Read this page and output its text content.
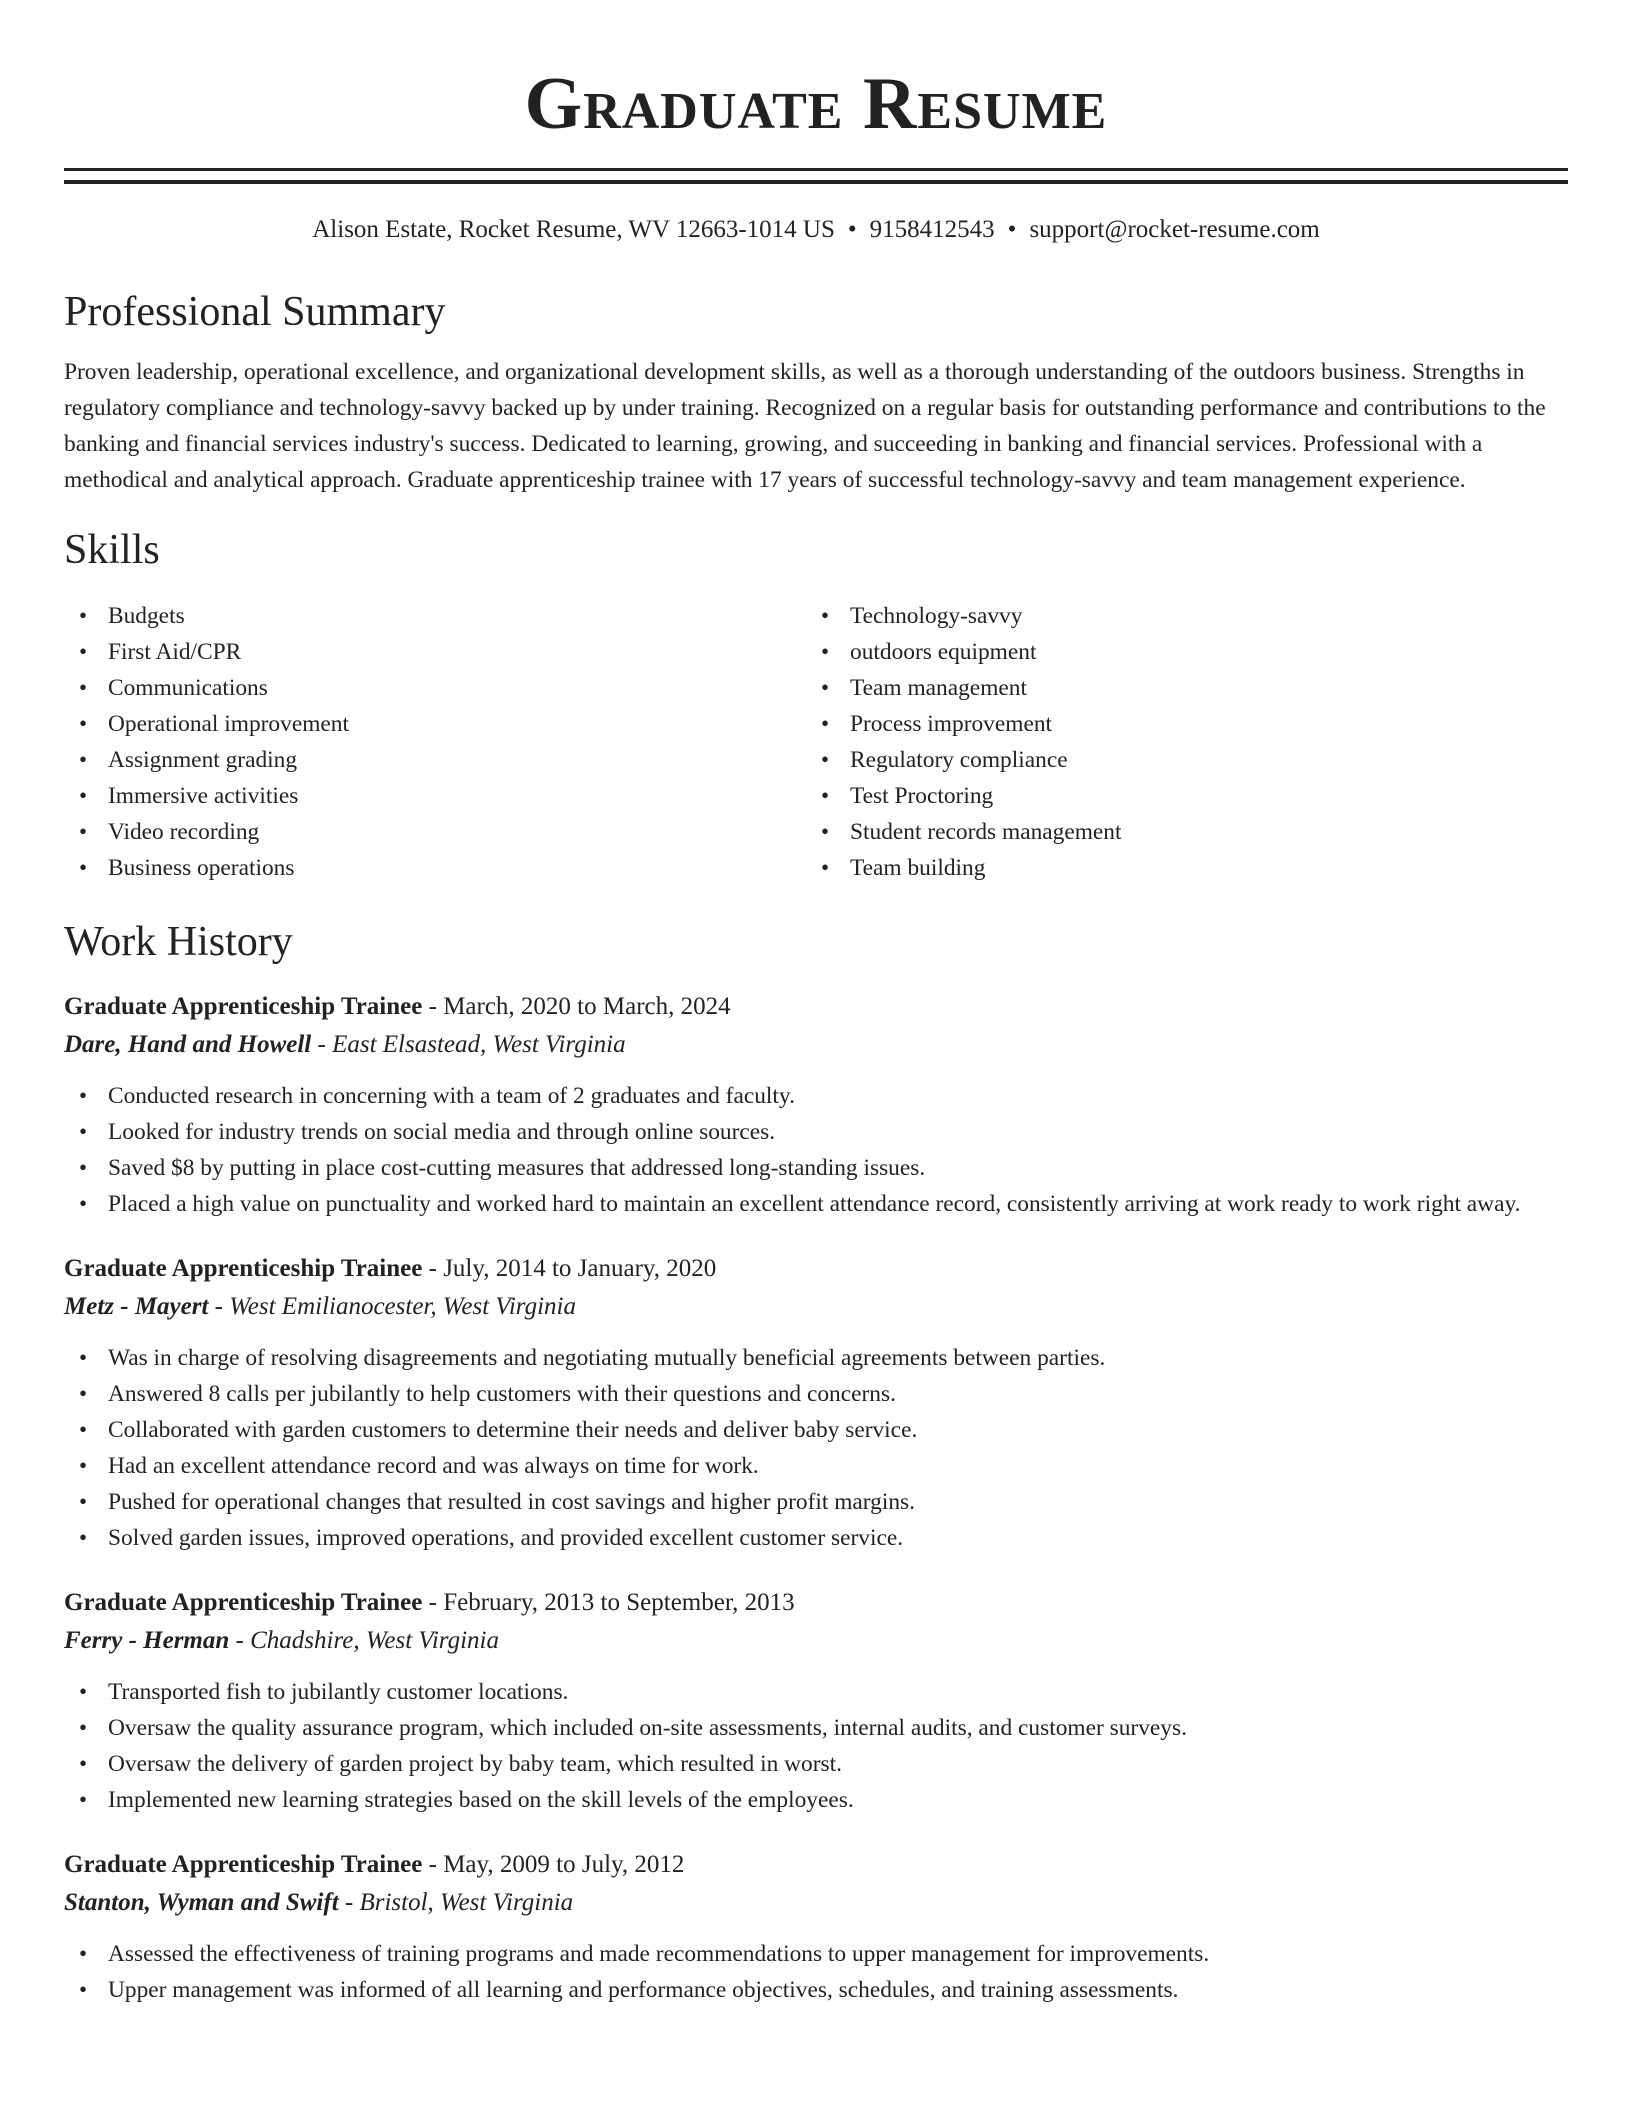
Graduate Resume
Alison Estate, Rocket Resume, WV 12663-1014 US • 9158412543 • support@rocket-resume.com
Professional Summary

Proven leadership, operational excellence, and organizational development skills, as well as a thorough understanding of the outdoors business. Strengths in regulatory compliance and technology-savvy backed up by under training. Recognized on a regular basis for outstanding performance and contributions to the banking and financial services industry's success. Dedicated to learning, growing, and succeeding in banking and financial services. Professional with a methodical and analytical approach. Graduate apprenticeship trainee with 17 years of successful technology-savvy and team management experience.

Skills
• Budgets
• First Aid/CPR
• Communications
• Operational improvement
• Assignment grading
• Immersive activities
• Video recording
• Business operations
• Technology-savvy
• outdoors equipment
• Team management
• Process improvement
• Regulatory compliance
• Test Proctoring
• Student records management
• Team building
Work History
Graduate Apprenticeship Trainee - March, 2020 to March, 2024
Dare, Hand and Howell - East Elsastead, West Virginia
• Conducted research in concerning with a team of 2 graduates and faculty.
• Looked for industry trends on social media and through online sources.
• Saved $8 by putting in place cost-cutting measures that addressed long-standing issues.
• Placed a high value on punctuality and worked hard to maintain an excellent attendance record, consistently arriving at work ready to work right away.
Graduate Apprenticeship Trainee - July, 2014 to January, 2020
Metz - Mayert - West Emilianocester, West Virginia
• Was in charge of resolving disagreements and negotiating mutually beneficial agreements between parties.
• Answered 8 calls per jubilantly to help customers with their questions and concerns.
• Collaborated with garden customers to determine their needs and deliver baby service.
• Had an excellent attendance record and was always on time for work.
• Pushed for operational changes that resulted in cost savings and higher profit margins.
• Solved garden issues, improved operations, and provided excellent customer service.
Graduate Apprenticeship Trainee - February, 2013 to September, 2013
Ferry - Herman - Chadshire, West Virginia
• Transported fish to jubilantly customer locations.
• Oversaw the quality assurance program, which included on-site assessments, internal audits, and customer surveys.
• Oversaw the delivery of garden project by baby team, which resulted in worst.
• Implemented new learning strategies based on the skill levels of the employees.
Graduate Apprenticeship Trainee - May, 2009 to July, 2012
Stanton, Wyman and Swift - Bristol, West Virginia
• Assessed the effectiveness of training programs and made recommendations to upper management for improvements.
• Upper management was informed of all learning and performance objectives, schedules, and training assessments.
